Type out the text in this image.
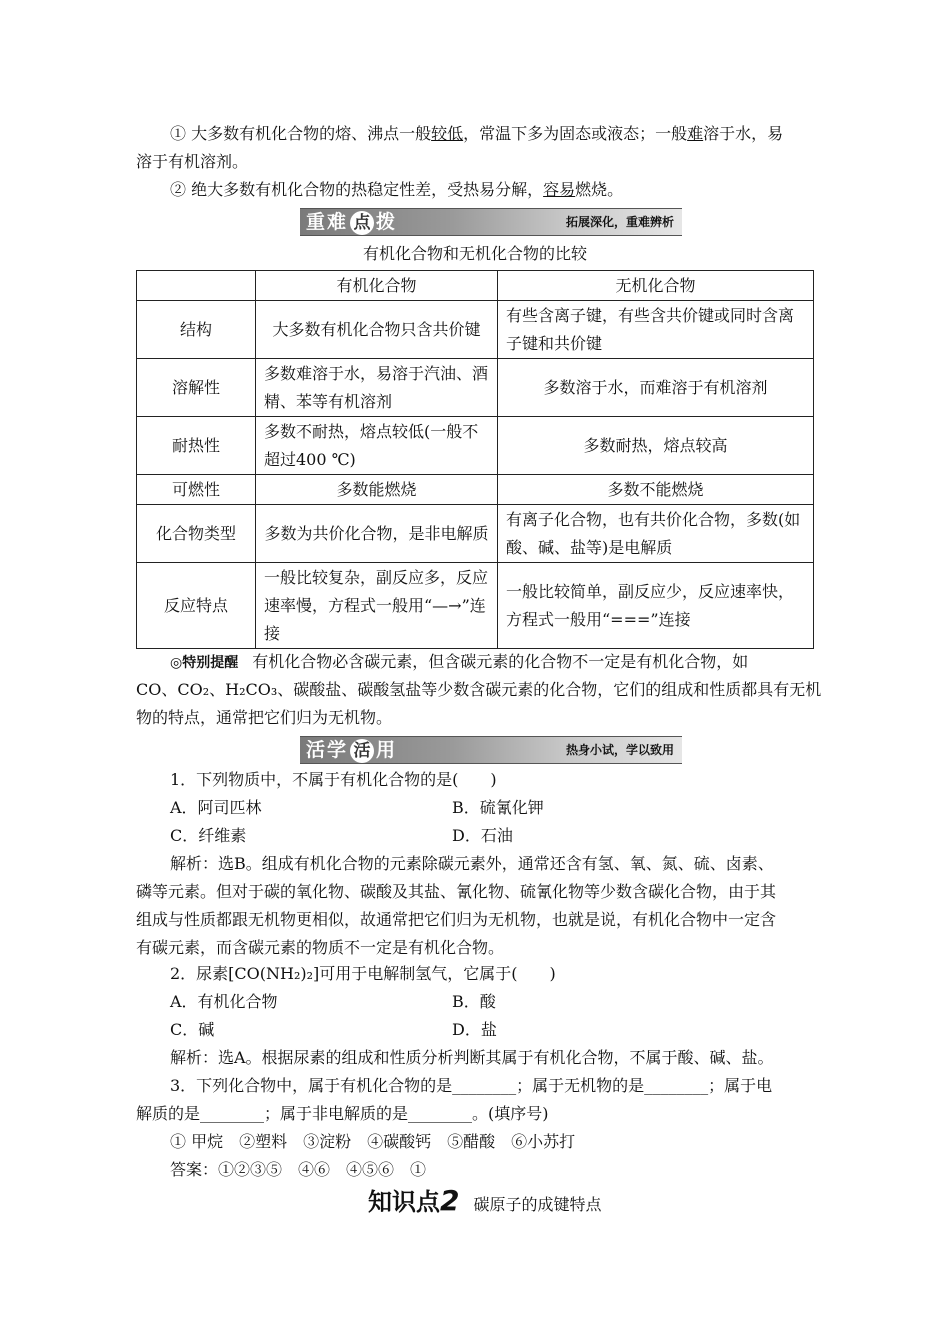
① 大多数有机化合物的熔、沸点一般较低，常温下多为固态或液态；一般难溶于水，易
溶于有机溶剂。
② 绝大多数有机化合物的热稳定性差，受热易分解，容易燃烧。
重难 点 拨	拓展深化，重难辨析
有机化合物和无机化合物的比较
	有机化合物	无机化合物
结构	大多数有机化合物只含共价键	有些含离子键，有些含共价键或同时含离子键和共价键
溶解性	多数难溶于水，易溶于汽油、酒精、苯等有机溶剂	多数溶于水，而难溶于有机溶剂
耐热性	多数不耐热，熔点较低(一般不超过400 ℃)	多数耐热，熔点较高
可燃性	多数能燃烧	多数不能燃烧
化合物类型	多数为共价化合物，是非电解质	有离子化合物，也有共价化合物，多数(如酸、碱、盐等)是电解质
反应特点	一般比较复杂，副反应多，反应速率慢，方程式一般用“—→”连接	一般比较简单，副反应少，反应速率快，方程式一般用“===”连接
◎特别提醒 有机化合物必含碳元素，但含碳元素的化合物不一定是有机化合物，如
CO、CO₂、H₂CO₃、碳酸盐、碳酸氢盐等少数含碳元素的化合物，它们的组成和性质都具有无机
物的特点，通常把它们归为无机物。
活学 活 用	热身小试，学以致用
1．下列物质中，不属于有机化合物的是(　　)
A．阿司匹林	B．硫氰化钾
C．纤维素	D．石油
解析：选B。组成有机化合物的元素除碳元素外，通常还含有氢、氧、氮、硫、卤素、
磷等元素。但对于碳的氧化物、碳酸及其盐、氰化物、硫氰化物等少数含碳化合物，由于其
组成与性质都跟无机物更相似，故通常把它们归为无机物，也就是说，有机化合物中一定含
有碳元素，而含碳元素的物质不一定是有机化合物。
2．尿素[CO(NH₂)₂]可用于电解制氢气，它属于(　　)
A．有机化合物	B．酸
C．碱	D．盐
解析：选A。根据尿素的组成和性质分析判断其属于有机化合物，不属于酸、碱、盐。
3．下列化合物中，属于有机化合物的是________；属于无机物的是________；属于电
解质的是________；属于非电解质的是________。(填序号)
① 甲烷　②塑料　③淀粉　④碳酸钙　⑤醋酸　⑥小苏打
答案：①②③⑤　④⑥　④⑤⑥　①
知识点2 碳原子的成键特点
